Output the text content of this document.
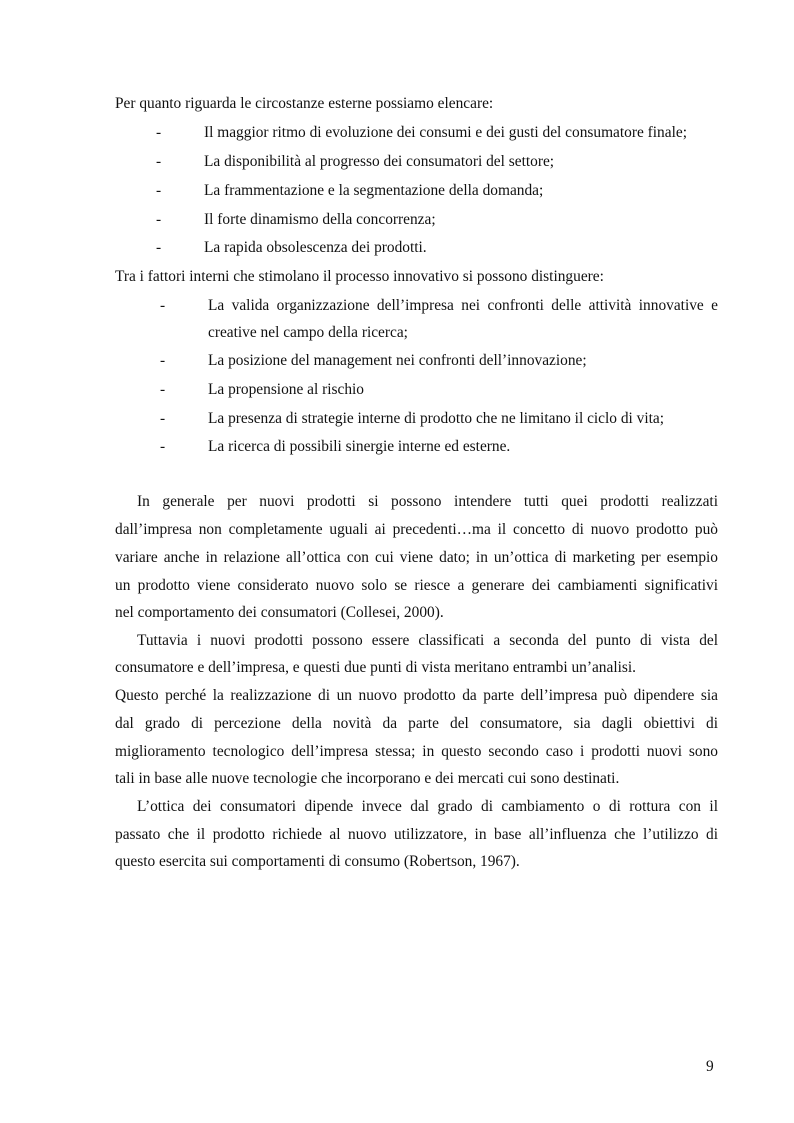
Per quanto riguarda le circostanze esterne possiamo elencare:
-	Il maggior ritmo di evoluzione dei consumi e dei gusti del consumatore finale;
-	La disponibilità al progresso dei consumatori del settore;
-	La frammentazione e la segmentazione della domanda;
-	Il forte dinamismo della concorrenza;
-	La rapida obsolescenza dei prodotti.
Tra i fattori interni che stimolano il processo innovativo si possono distinguere:
-	La valida organizzazione dell’impresa nei confronti delle attività innovative e
creative nel campo della ricerca;
-	La posizione del management nei confronti dell’innovazione;
-	La propensione al rischio
-	La presenza di strategie interne di prodotto che ne limitano il ciclo di vita;
-	La ricerca di possibili sinergie interne ed esterne.
In generale per nuovi prodotti si possono intendere tutti quei prodotti realizzati
dall’impresa non completamente uguali ai precedenti…ma il concetto di nuovo prodotto può
variare anche in relazione all’ottica con cui viene dato; in un’ottica di marketing per esempio
un prodotto viene considerato nuovo solo se riesce a generare dei cambiamenti significativi
nel comportamento dei consumatori (Collesei, 2000).
Tuttavia i nuovi prodotti possono essere classificati a seconda del punto di vista del
consumatore e dell’impresa, e questi due punti di vista meritano entrambi un’analisi.
Questo perché la realizzazione di un nuovo prodotto da parte dell’impresa può dipendere sia
dal grado di percezione della novità da parte del consumatore, sia dagli obiettivi di
miglioramento tecnologico dell’impresa stessa; in questo secondo caso i prodotti nuovi sono
tali in base alle nuove tecnologie che incorporano e dei mercati cui sono destinati.
L’ottica dei consumatori dipende invece dal grado di cambiamento o di rottura con il
passato che il prodotto richiede al nuovo utilizzatore, in base all’influenza che l’utilizzo di
questo esercita sui comportamenti di consumo (Robertson, 1967).
9
